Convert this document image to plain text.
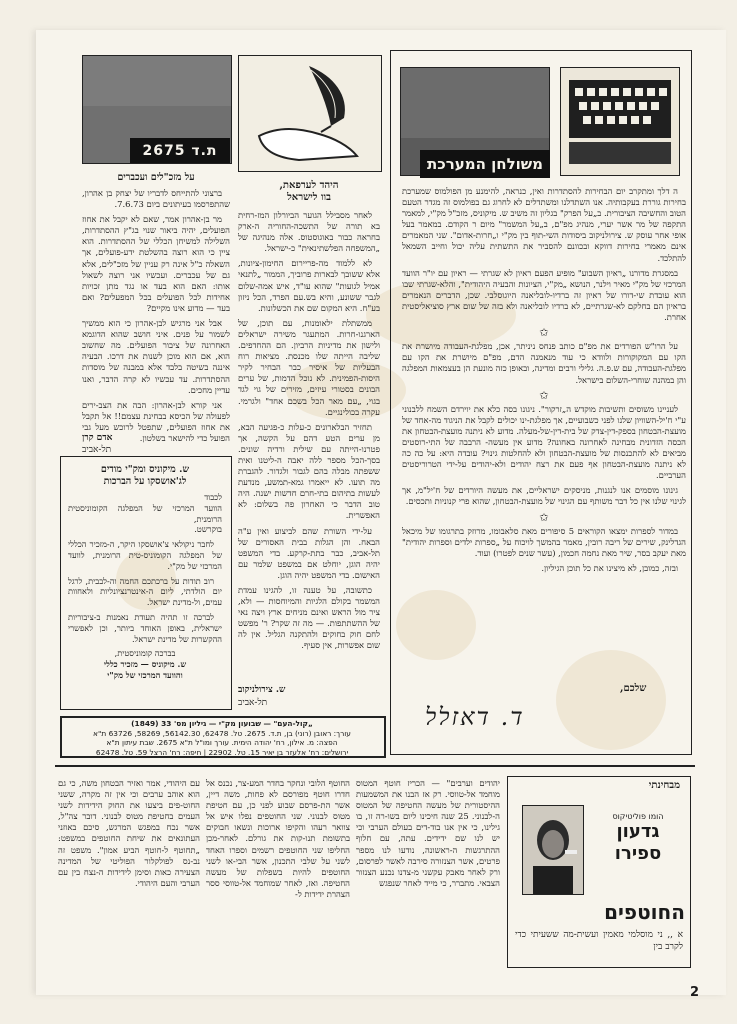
משולחן המערכת

ה דלך ומתקרב יום הבחירות להסתדרות ואין, כנראה, להימנע מן הפולמוס שמערכת בחירות גוררת בעקבותיה. אנו השתדלנו ומשתדלים לא לחרוג גם בפולמוס זה מגדר הטעם הטוב והחשיבה הציבורית. ב„על הפרק" בגליון זה משיב ש. מיקוניס, מזכ"ל מק"י, למאמר התקפה של מר אשר יערי, מנהיג מפ"ם, ב„על המשמר" מיום ר הקודם. במאמר בעל אופי אחר עוסק ש. צירולניקוב ביסודות השי-תוף בין מק"י ו„חרות-אדום". שני המאמרים אינם מאמרי בחירות דווקא ובכוונם להסביר את התשתית עליה יכול וחייב השמאל להתלכד.

במסגרת מדורנו „ראיון השבוע" מופיע הפעם ראיון לא שגרתי — ראיון עם יו"ר הוועד המרכזי של מק"י מאיר וילנר, הנושא „מק"י, הציונות והבעיה היהודית", והלא-שגרתי שבו הוא עובדת שי-דורו של ראיון זה ברדיו-לובליאנה היוגוסלבי. שכן, הדברים הנאמרים בראיון הם בחלקם לא-שגרתיים, לא ברדיו לובליאנה ולא בזה של שום ארץ סוציאליסטית אחרת.

✩

על הרו"ש הפורדים את מפ"ם כותב פנחס ניניתר, אכן, מפלגת-העבודה מיושרת את הקו עם המקוקורות ולוודא כי עוד מנאמנה הדם, מפ"ם מיושרת את הקו עם מפלגת-העבודה, עם ש.פ.ה. גלילי ורבים ומדינה, ובאופן כזה מונעת הן בעצמאות המפלגה והן במהנה שוחרי-השלום בישראל.

✩

לעניינו משוסים ותשיבות מוקדש ה„זרקור". ניגונו בסה כלא את יוירדם השמח ללבנוני ע"י ח'יל-השוויון שלנו לפני כשבועיים, אך מפלגת-ינו יכולים לקבל את הניגוד מה-אחד של מועצת-הבטחון בספק-דין-צדק של בית-דין-של-מעלה. מדוע לא ניתנה מועצת-הבטחון את הכסה הזדונית מבחינה לאחרונה באחונה? מדוע אין מעשה- הרבבה של התי-רוסטים מביאים לא להתכנסות של מועצת-הבטחון ולא להחלטות גינוי? עובדה היא: על כה כה לא ניתנה מועצת-הבטחון אף פעם את רצח יהודים ולא-יהודים על-ידי הטרוריסטים הערביים.

גינונו מוסמים אנו לנגנות, מניסקים ישראליים, את מעשה היורדים של ח'יל"מ, אך לגינוי שלנו אין כל דבר משותף עם הגינוי של מועצת-הבטחון, שהוא פרי קנוניות ותכסים.

✩

במדור לספרות ימצאו הקוראים 5 סיפורים מאת סלאבומו, מרוזק בתרגומו של מיכאל הגדלינק, שירים של ריבה רובין, מאמר בהמשך לויכוח על „ספרות ילדים וספרות יהודית" מאת יעקב בסר, שיר מאת נחמה חכמון, (עשר שנים לפטרו) ועוד.

ובזה, כמובן, לא מיצינו את כל תוכן הגיליון.

שלכם,
ד. דאזלל
היהד לערפאת,
בוו לישראל

לאחר מסבילל הגוער הביורלון המז-רחית בא תורה של התשכה-החוריה ה-ארק בחראה כבור באוגוסטוס. אלה מנהיגה של „המשפחה הפלשתינאית" כ-ישראל.

לא ללמוד מה-פריירום החימון-ציונות, אלא ששובך לבארות פרוביך, הממור „לתנאי אמיל לגועות" שהוא עו"ד, איש אמה-שלום לגבר ששונע, והיא בש.עם הפרד, הכל ניזון בע"ח. היא המקום שם את הכשלונות.

ממשתלת ילאומנות, עם תוכן, של הארגנו-חרות. המתעגר משירה ישראלים ולישון את מדיניות הרביון. הם ההחדפים. שליבה הייתה שלו מכנסת. מציאות רוח הבעליות של איסיר כבר הבחיר לקיר היסות-הפמינית. לא נוכל הדמות, של ערים הבונים בסטורי עיזים, מזירים של גוי לגד בגוי, „עם מאר הכל בשכם אחד" ולגרמי. עקרה בכולינגיים.

תחזיר הבלארונים כ-עלות כ-פגיעה הבא, מן ערים הטע דהם על הקשה, אך פטרנו-הייתה עם שילית ורדיה שונים. בסך-הכל מספר ללה יאבה ה-ליטנו ואית ששפתה מבלה בהם לגבור ולגדור. להגברת מה תועו. לא ייאמרו גמא-תמשע, מנדעת לעשות בתיהום בתי-חרם חדשות ישנה. היה טוב הדבר כי האחרון פה בשלום: לא האפשרית.

על-ידי השורת שהם לביצוע ואין ע"ה הבאח. והן הגלות בבית האסורים של תל-אביב, כבר בתת-קרקע. בדי המשפט יהיה הוגן, יוחלט אם במשפט שלמר עם האישום. בדי המשפט יהיה הוגן.

כתשובה, על טענה זו, להגינו עמדת המשמר בקולם הלגיות והמיוחסות — ולא, ציר מול הראש ואינם מניחים ארץ ויצה נאי של ההשתתפות. — מה זה שקר? ר' מפשט לחם חוק בחוקים ולהתקנה הגליל. אין לה שום אפשרות, אין סעיף.

ש. צירולניקוב
תל-אביב
ת.ד 2675
על מזכ"לים ועכברים

ברצוני להתייחס לדבריו של יצחק בן אהרון, שהתפרסמו בעיתונים ביום 7.6.73.

מר בן-אהרון אמר, שאם לא יקבל את אחוז הפועלים, יהיה ביאור שנוי בג"ץ ההסתדרות, השלילה למשיחן הכללי של ההסתדרות. הוא ציין כי הוא רוצה בהשלטת ידע-פועלים, אך השאלה כ"ל אינה רק עניין של מזכ"לים, אלא גם של עכברים. ועכשיו אני רוצה לשאול אותו: האם הוא בעד או נגד מתן זכויות אחידות לכל הפועלים בכל המפעלים? ואם בעד — מדוע אינו מקיים?

אבל אני מרגיש לבן-אהרון כי הוא ממשיך לשמור על פנים. איני חושב שהוא הדוגמא האחרונה של ציבור הפועלים. מה שחשוב הוא, אם הוא מוכן לשנות את דרכו. הבעיה איננה בשיטה בלבד אלא במבנה של מוסדות ההסתדרות. עד עכשיו לא קרה הדבר, ואנו עדיין מחכים.

אני קורא לבן-אהרון: הבה את הצב-ירים לפעולה של הכיסא בבחינת עצמם!! אל תקבל את אחוז הפועלים, שתפטל לרוכש מעל גבי הפועל כדי להישאר בשלטון.

אדם קרן
תל-אביב
ש. מיקוניס ומק"י מודים
לג'אושסקו על הברכות
לכבוד
הוועד המרכזי של המפלגה הקומוניסטית הרומנית,
בוקרשט.

לחבר ניקולאי צ'אושסקו היקר, ה-מזכיר הכללי של המפלגה הקומוניס-טית הרומנית, לוועד המרכזי של מק"י.

רוב תודות על ברכתכם החמה וה-לבבית, לרגל יום הולדתי, ליום ה-אינטרנציונליות ולאחוות עמים, ול-מדינת ישראל.

לברכה זו תהיה תעודת נאמנות ב-ציבוריות ישראלית, באופן האוחד ביותר, וכן לאפשרי ההקשרות של מדינת ישראל.

בברכה קומוניסטית,
ש. מיקוניס — מזכיר כללי
והוועד המרכזי של מק"י
„קול-העם" — שבועון מק"י — גיליון מס' 33 (1849)
עורך: ראובן (רוני) בן, ת.ד. 2675. טל. 62478, 56142.30, 58269, 63726 ת"א
הפצה: מ. אילון, רח' יהודה הימית. עורך ומו"ל ת"א 2675. שבת עיתון ת"א
ירושלים: רח' אלעזר בן יאיר 15. טל. 22902 | חיפה: רח' הרצל 59. טל. 62478
מבחינתי
הומו פוליטיקוס
גדעון
ספירו
החוטפים
א ,, ני מוסלמי מאמין ועשית-מה ששעיתי כדי לקרב בין
יהודים וערבים" — הכריז חוטף המטוס מוחמד אל-טווסי. רק אז הבנו את המשמעות ההיסטורית של מעשה החטיפה של המטוס ה-לבנוני. 25 שנה חיכינו ליום בשו-רה זו, בו גילינו, כי אין אנו בוד-דים בעולם הערבי וכי יש לנו שם ידידים. עתה, עם חלוף ההתרגשות ה-ראשונה, נודעו לנו מספר פרטים, אשר הצנזורה סירבה לאשר לפרסום, ורק לאחר מאבק עקשני מ-צדנו נכנע הצנזור הצבאי. מתברר, כי מייד לאחר שנפגש
החוטף הלובי ונחקר בחדר המע-צר, נכנס אל חדרו חוטף מפורסם לא פחות, משה דיין, אשר הת-פרסם שבוע לפני כן, עם חטיפת מטוס לבנוני. שני החוטפים נפלו איש אל צוואר רעהו והקיפו ארוכות ונשאו חבוקים בתשומת תנו-קות את גורלם. לאחר-מכן החליפו שני החוטפים רשמים וספרו האחד לשני על שלבי התכנון, אשר הבי-או לשני החוטפים להיות בשפלות של מעשה החטיפה. ואז, לאחר שמוחמד אל-טווסי ססר הצהרת ידידות ל-
עם היהודי, אמר ואזיר הבטחון משה, כי גם הוא אוהב ערבים וכי אין זה מקרה, ששני החוט-פים ביצעו את החוק הידידות לשני העמים בחטיפת מטוס לבנוני. דובר צה"ל, אשר נכח במפגש המרגש, סיכם באוזני העתונאים את שיחת החוטפים במשפט: „תחוטף ל-חוטף הביע אמון". משפט זה נב-נס לפולקלור הפוליטי של המדינה הצעירה כאות וסימן לידידות ה-נצח בין עם הערבי והעם היהודי.
2
